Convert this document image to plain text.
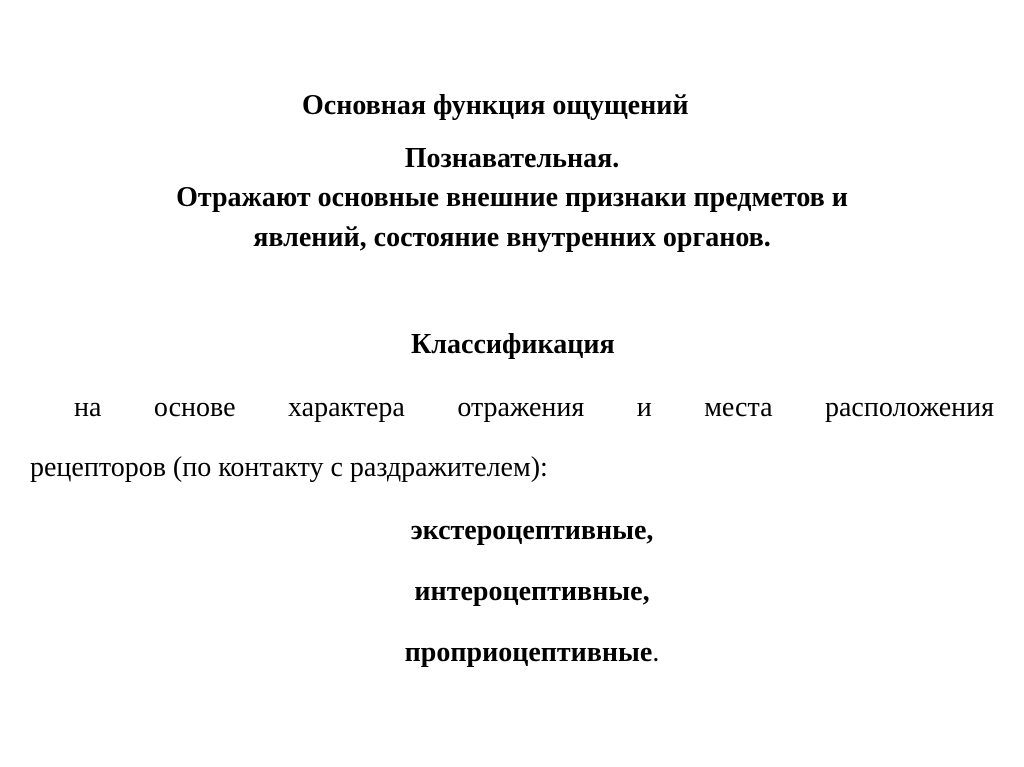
Основная функция ощущений
Познавательная.
Отражают основные внешние признаки предметов и
явлений, состояние внутренних органов.
Классификация
на основе характера отражения и места расположения
рецепторов (по контакту с раздражителем):
экстероцептивные,
интероцептивные,
проприоцептивные.
